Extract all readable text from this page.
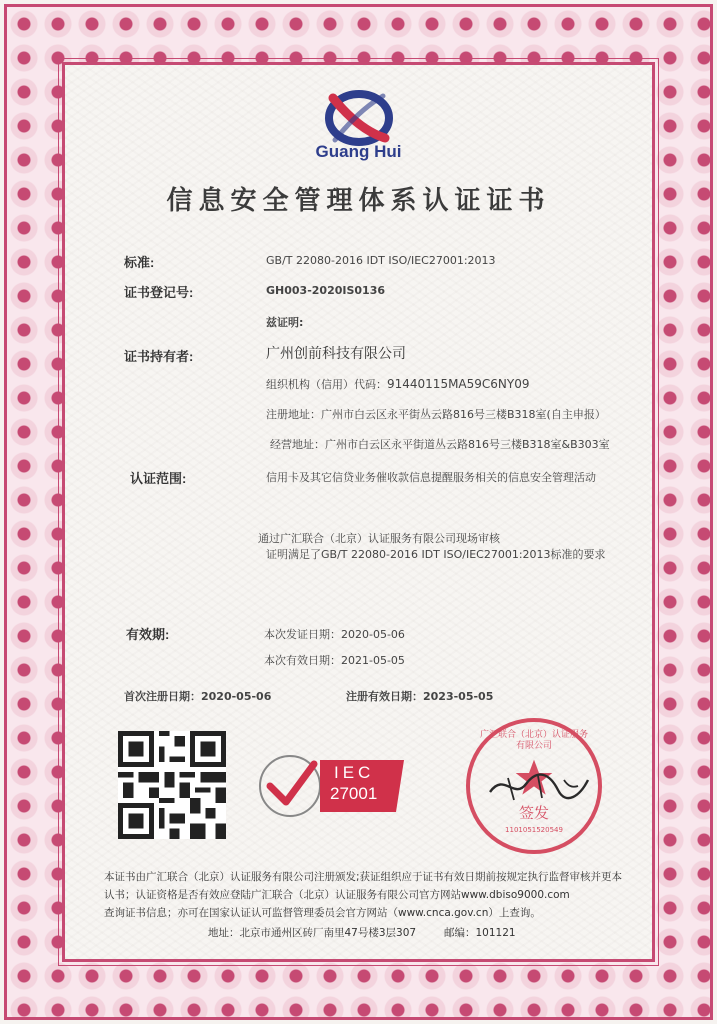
Guang Hui
信息安全管理体系认证证书
标准:	GB/T 22080-2016 IDT ISO/IEC27001:2013
证书登记号:	GH003-2020IS0136
兹证明:
证书持有者:	广州创前科技有限公司
组织机构（信用）代码：91440115MA59C6NY09
注册地址：广州市白云区永平街丛云路816号三楼B318室(自主申报）
经营地址：广州市白云区永平街道丛云路816号三楼B318室&B303室
认证范围:	信用卡及其它信贷业务催收款信息提醒服务相关的信息安全管理活动
通过广汇联合（北京）认证服务有限公司现场审核
证明满足了GB/T 22080-2016 IDT ISO/IEC27001:2013标准的要求
有效期:	本次发证日期：2020-05-06
本次有效日期：2021-05-05
首次注册日期：2020-05-06	注册有效日期：2023-05-05
IEC
27001
广汇联合（北京）认证服务有限公司
签发
1101051520549
本证书由广汇联合（北京）认证服务有限公司注册颁发;获证组织应于证书有效日期前按规定执行监督审核并更本
认书；认证资格是否有效应登陆广汇联合（北京）认证服务有限公司官方网站www.dbiso9000.com
查询证书信息；亦可在国家认证认可监督管理委员会官方网站（www.cnca.gov.cn）上查询。
地址：北京市通州区砖厂南里47号楼3层307	邮编：101121
